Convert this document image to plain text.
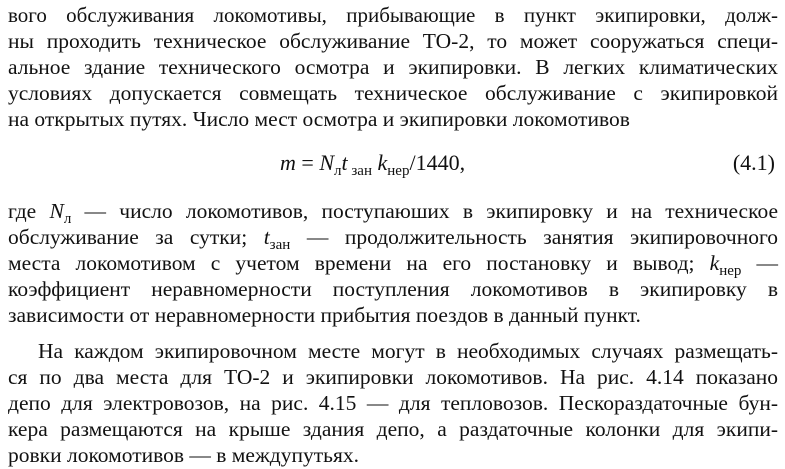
вого обслуживания локомотивы, прибывающие в пункт экипировки, долж-
ны проходить техническое обслуживание ТО-2, то может сооружаться специ-
альное здание технического осмотра и экипировки. В легких климатических
условиях допускается совмещать техническое обслуживание с экипировкой
на открытых путях. Число мест осмотра и экипировки локомотивов
$m = N_лt$ $_{зан}$ $k_{нер}/1440$,	(4.1)
где $N_л$ — число локомотивов, поступаюших в экипировку и на техническое
обслуживание за сутки; $t_{зан}$ — продолжительность занятия экипировочного
места локомотивом с учетом времени на его постановку и вывод; $k_{нер}$ —
коэффициент неравномерности поступления локомотивов в экипировку в
зависимости от неравномерности прибытия поездов в данный пункт.
На каждом экипировочном месте могут в необходимых случаях размещать-
ся по два места для ТО-2 и экипировки локомотивов. На рис. 4.14 показано
депо для электровозов, на рис. 4.15 — для тепловозов. Пескораздаточные бун-
кера размещаются на крыше здания депо, а раздаточные колонки для экипи-
ровки локомотивов — в междупутьях.
